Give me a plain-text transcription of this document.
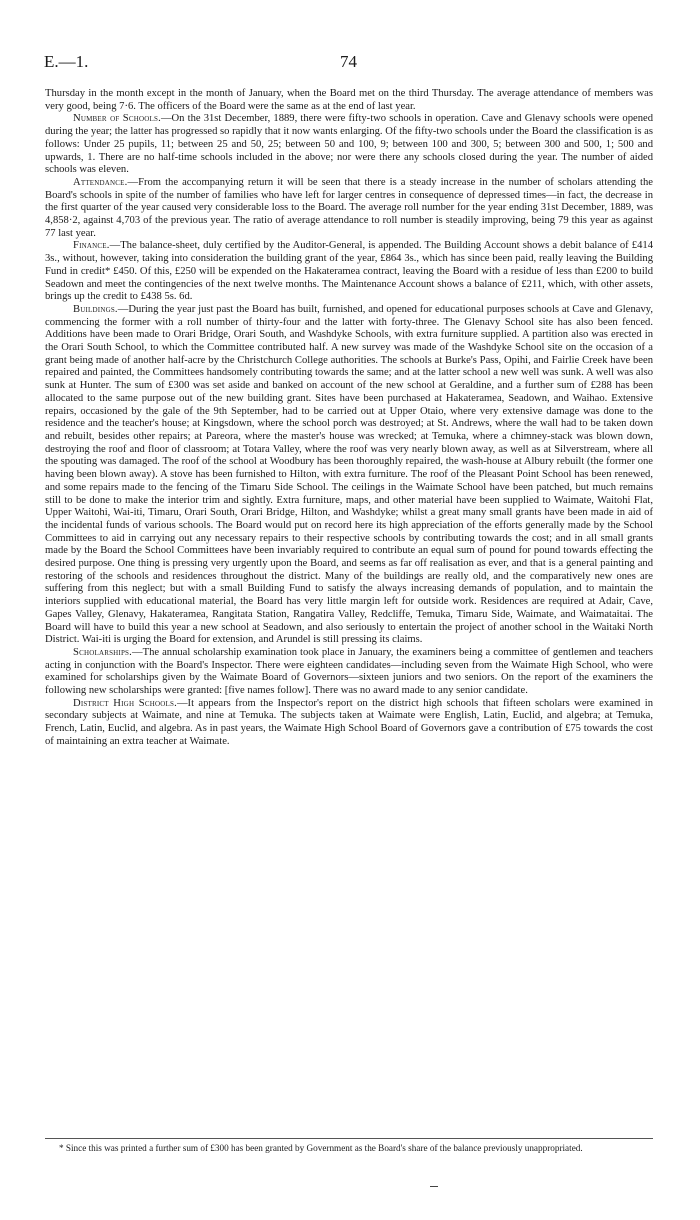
E.—1.	74

Thursday in the month except in the month of January, when the Board met on the third Thursday. The average attendance of members was very good, being 7·6. The officers of the Board were the same as at the end of last year.

Number of Schools.—On the 31st December, 1889, there were fifty-two schools in operation. Cave and Glenavy schools were opened during the year; the latter has progressed so rapidly that it now wants enlarging. Of the fifty-two schools under the Board the classification is as follows: Under 25 pupils, 11; between 25 and 50, 25; between 50 and 100, 9; between 100 and 300, 5; between 300 and 500, 1; 500 and upwards, 1. There are no half-time schools included in the above; nor were there any schools closed during the year. The number of aided schools was eleven.

Attendance.—From the accompanying return it will be seen that there is a steady increase in the number of scholars attending the Board's schools in spite of the number of families who have left for larger centres in consequence of depressed times—in fact, the decrease in the first quarter of the year caused very considerable loss to the Board. The average roll number for the year ending 31st December, 1889, was 4,858·2, against 4,703 of the previous year. The ratio of average attendance to roll number is steadily improving, being 79 this year as against 77 last year.

Finance.—The balance-sheet, duly certified by the Auditor-General, is appended. The Building Account shows a debit balance of £414 3s., without, however, taking into consideration the building grant of the year, £864 3s., which has since been paid, really leaving the Building Fund in credit* £450. Of this, £250 will be expended on the Hakateramea contract, leaving the Board with a residue of less than £200 to build Seadown and meet the contingencies of the next twelve months. The Maintenance Account shows a balance of £211, which, with other assets, brings up the credit to £438 5s. 6d.

Buildings.—During the year just past the Board has built, furnished, and opened for educational purposes schools at Cave and Glenavy, commencing the former with a roll number of thirty-four and the latter with forty-three. The Glenavy School site has also been fenced. Additions have been made to Orari Bridge, Orari South, and Washdyke Schools, with extra furniture supplied. A partition also was erected in the Orari South School, to which the Committee contributed half. A new survey was made of the Washdyke School site on the occasion of a grant being made of another half-acre by the Christchurch College authorities. The schools at Burke's Pass, Opihi, and Fairlie Creek have been repaired and painted, the Committees handsomely contributing towards the same; and at the latter school a new well was sunk. A well was also sunk at Hunter. The sum of £300 was set aside and banked on account of the new school at Geraldine, and a further sum of £288 has been allocated to the same purpose out of the new building grant. Sites have been purchased at Hakateramea, Seadown, and Waihao. Extensive repairs, occasioned by the gale of the 9th September, had to be carried out at Upper Otaio, where very extensive damage was done to the residence and the teacher's house; at Kingsdown, where the school porch was destroyed; at St. Andrews, where the wall had to be taken down and rebuilt, besides other repairs; at Pareora, where the master's house was wrecked; at Temuka, where a chimney-stack was blown down, destroying the roof and floor of classroom; at Totara Valley, where the roof was very nearly blown away, as well as at Silverstream, where all the spouting was damaged. The roof of the school at Woodbury has been thoroughly repaired, the wash-house at Albury rebuilt (the former one having been blown away). A stove has been furnished to Hilton, with extra furniture. The roof of the Pleasant Point School has been renewed, and some repairs made to the fencing of the Timaru Side School. The ceilings in the Waimate School have been patched, but much remains still to be done to make the interior trim and sightly. Extra furniture, maps, and other material have been supplied to Waimate, Waitohi Flat, Upper Waitohi, Wai-iti, Timaru, Orari South, Orari Bridge, Hilton, and Washdyke; whilst a great many small grants have been made in aid of the incidental funds of various schools. The Board would put on record here its high appreciation of the efforts generally made by the School Committees to aid in carrying out any necessary repairs to their respective schools by contributing towards the cost; and in all small grants made by the Board the School Committees have been invariably required to contribute an equal sum of pound for pound towards effecting the desired purpose. One thing is pressing very urgently upon the Board, and seems as far off realisation as ever, and that is a general painting and restoring of the schools and residences throughout the district. Many of the buildings are really old, and the comparatively new ones are suffering from this neglect; but with a small Building Fund to satisfy the always increasing demands of population, and to maintain the interiors supplied with educational material, the Board has very little margin left for outside work. Residences are required at Adair, Cave, Gapes Valley, Glenavy, Hakateramea, Rangitata Station, Rangatira Valley, Redcliffe, Temuka, Timaru Side, Waimate, and Waimataitai. The Board will have to build this year a new school at Seadown, and also seriously to entertain the project of another school in the Waitaki North District. Wai-iti is urging the Board for extension, and Arundel is still pressing its claims.

Scholarships.—The annual scholarship examination took place in January, the examiners being a committee of gentlemen and teachers acting in conjunction with the Board's Inspector. There were eighteen candidates—including seven from the Waimate High School, who were examined for scholarships given by the Waimate Board of Governors—sixteen juniors and two seniors. On the report of the examiners the following new scholarships were granted: [five names follow]. There was no award made to any senior candidate.

District High Schools.—It appears from the Inspector's report on the district high schools that fifteen scholars were examined in secondary subjects at Waimate, and nine at Temuka. The subjects taken at Waimate were English, Latin, Euclid, and algebra; at Temuka, French, Latin, Euclid, and algebra. As in past years, the Waimate High School Board of Governors gave a contribution of £75 towards the cost of maintaining an extra teacher at Waimate.

* Since this was printed a further sum of £300 has been granted by Government as the Board's share of the balance previously unappropriated.
